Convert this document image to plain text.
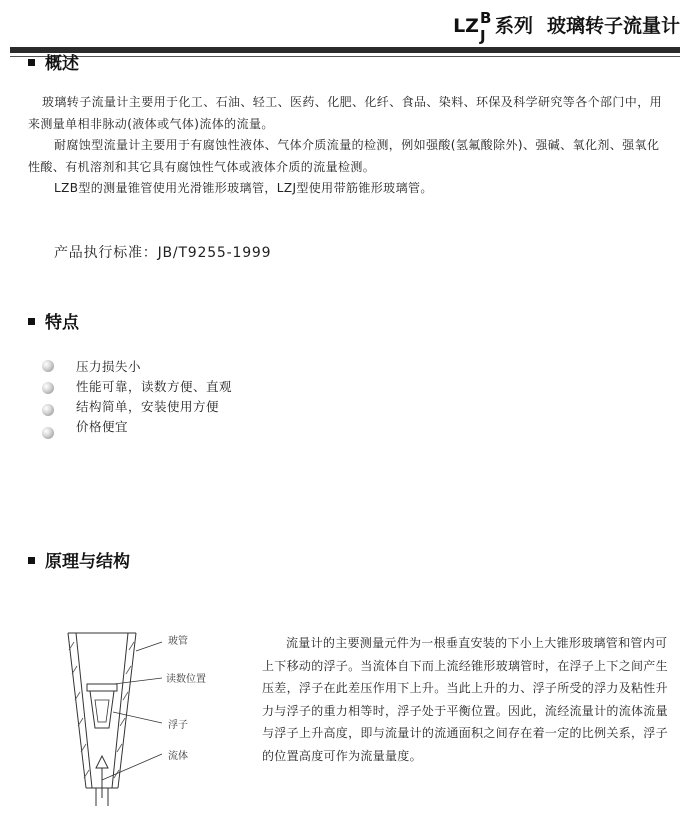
LZ B
J 系列 玻璃转子流量计
概述

玻璃转子流量计主要用于化工、石油、轻工、医药、化肥、化纤、食品、染料、环保及科学研究等各个部门中，用来测量单相非脉动(液体或气体)流体的流量。

耐腐蚀型流量计主要用于有腐蚀性液体、气体介质流量的检测，例如强酸(氢氟酸除外)、强碱、氧化剂、强氧化性酸、有机溶剂和其它具有腐蚀性气体或液体介质的流量检测。

LZB型的测量锥管使用光滑锥形玻璃管，LZJ型使用带筋锥形玻璃管。

产品执行标准：JB/T9255-1999
特点
压力损失小
性能可靠，读数方便、直观
结构简单，安装使用方便
价格便宜
原理与结构
玻管
读数位置
浮子
流体
流量计的主要测量元件为一根垂直安装的下小上大锥形玻璃管和管内可上下移动的浮子。当流体自下而上流经锥形玻璃管时，在浮子上下之间产生压差，浮子在此差压作用下上升。当此上升的力、浮子所受的浮力及粘性升力与浮子的重力相等时，浮子处于平衡位置。因此，流经流量计的流体流量与浮子上升高度，即与流量计的流通面积之间存在着一定的比例关系，浮子的位置高度可作为流量量度。
